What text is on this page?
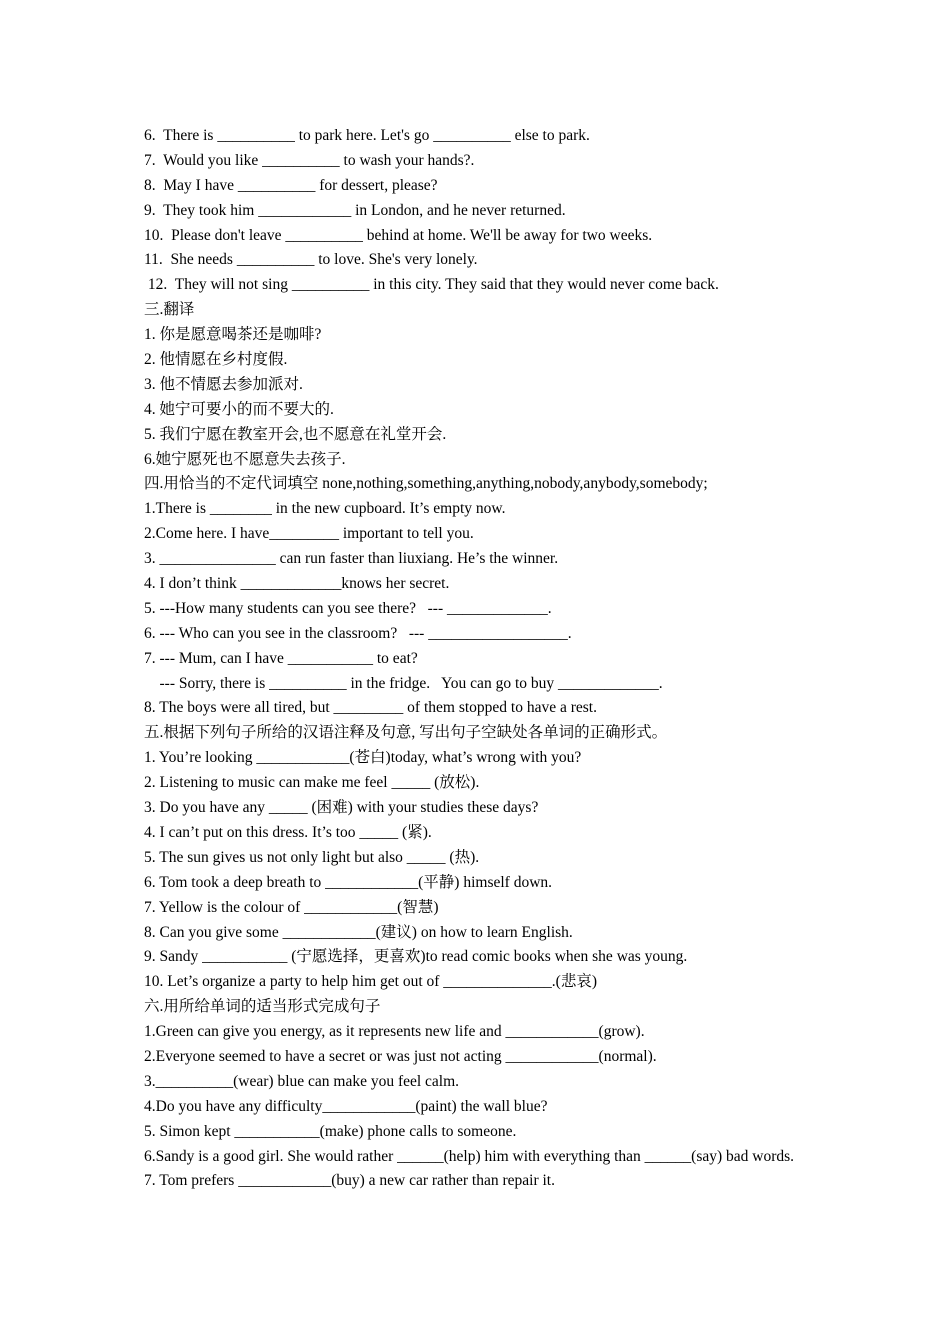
6.  There is __________ to park here. Let's go __________ else to park.

7.  Would you like __________ to wash your hands?.

8.  May I have __________ for dessert, please?

9.  They took him ____________ in London, and he never returned.

10.  Please don't leave __________ behind at home. We'll be away for two weeks.

11.  She needs __________ to love. She's very lonely.

12.  They will not sing __________ in this city. They said that they would never come back.

三.翻译

1. 你是愿意喝茶还是咖啡?

2. 他情愿在乡村度假.

3. 他不情愿去参加派对.

4. 她宁可要小的而不要大的.

5. 我们宁愿在教室开会,也不愿意在礼堂开会.

6.她宁愿死也不愿意失去孩子.

四.用恰当的不定代词填空 none,nothing,something,anything,nobody,anybody,somebody;

1.There is ________ in the new cupboard. It’s empty now.

2.Come here. I have_________ important to tell you.

3. _______________ can run faster than liuxiang. He’s the winner.

4. I don’t think _____________knows her secret.

5. ---How many students can you see there?   --- _____________.

6. --- Who can you see in the classroom?   --- __________________.

7. --- Mum, can I have ___________ to eat?

--- Sorry, there is __________ in the fridge.   You can go to buy _____________.

8. The boys were all tired, but _________ of them stopped to have a rest.

五.根据下列句子所给的汉语注释及句意, 写出句子空缺处各单词的正确形式。

1. You’re looking ____________(苍白)today, what’s wrong with you?

2. Listening to music can make me feel _____ (放松).

3. Do you have any _____ (困难) with your studies these days?

4. I can’t put on this dress. It’s too _____ (紧).

5. The sun gives us not only light but also _____ (热).

6. Tom took a deep breath to ____________(平静) himself down.

7. Yellow is the colour of ____________(智慧)

8. Can you give some ____________(建议) on how to learn English.

9. Sandy ___________ (宁愿选择，更喜欢)to read comic books when she was young.

10. Let’s organize a party to help him get out of ______________.(悲哀)

六.用所给单词的适当形式完成句子

1.Green can give you energy, as it represents new life and ____________(grow).

2.Everyone seemed to have a secret or was just not acting ____________(normal).

3.__________(wear) blue can make you feel calm.

4.Do you have any difficulty____________(paint) the wall blue?

5. Simon kept ___________(make) phone calls to someone.

6.Sandy is a good girl. She would rather ______(help) him with everything than ______(say) bad words.

7. Tom prefers ____________(buy) a new car rather than repair it.
